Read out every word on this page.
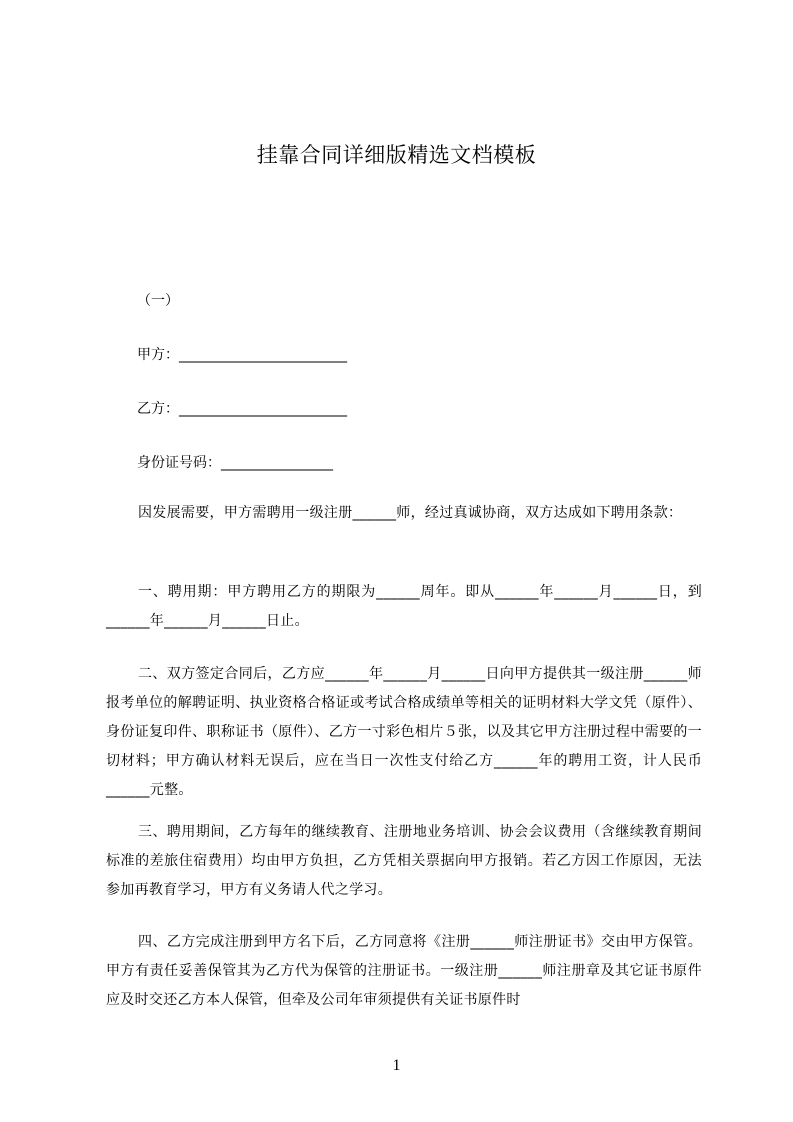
挂靠合同详细版精选文档模板
（一）
甲方：________________________
乙方：________________________
身份证号码：________________
因发展需要，甲方需聘用一级注册______师，经过真诚协商，双方达成如下聘用条款：
一、聘用期：甲方聘用乙方的期限为______周年。即从______年______月______日，到______年______月______日止。
二、双方签定合同后，乙方应______年______月______日向甲方提供其一级注册______师报考单位的解聘证明、执业资格合格证或考试合格成绩单等相关的证明材料大学文凭（原件）、身份证复印件、职称证书（原件）、乙方一寸彩色相片５张，以及其它甲方注册过程中需要的一切材料；甲方确认材料无误后，应在当日一次性支付给乙方______年的聘用工资，计人民币______元整。
三、聘用期间，乙方每年的继续教育、注册地业务培训、协会会议费用（含继续教育期间标准的差旅住宿费用）均由甲方负担，乙方凭相关票据向甲方报销。若乙方因工作原因，无法参加再教育学习，甲方有义务请人代之学习。
四、乙方完成注册到甲方名下后，乙方同意将《注册______师注册证书》交由甲方保管。甲方有责任妥善保管其为乙方代为保管的注册证书。一级注册______师注册章及其它证书原件应及时交还乙方本人保管，但牵及公司年审须提供有关证书原件时
1
